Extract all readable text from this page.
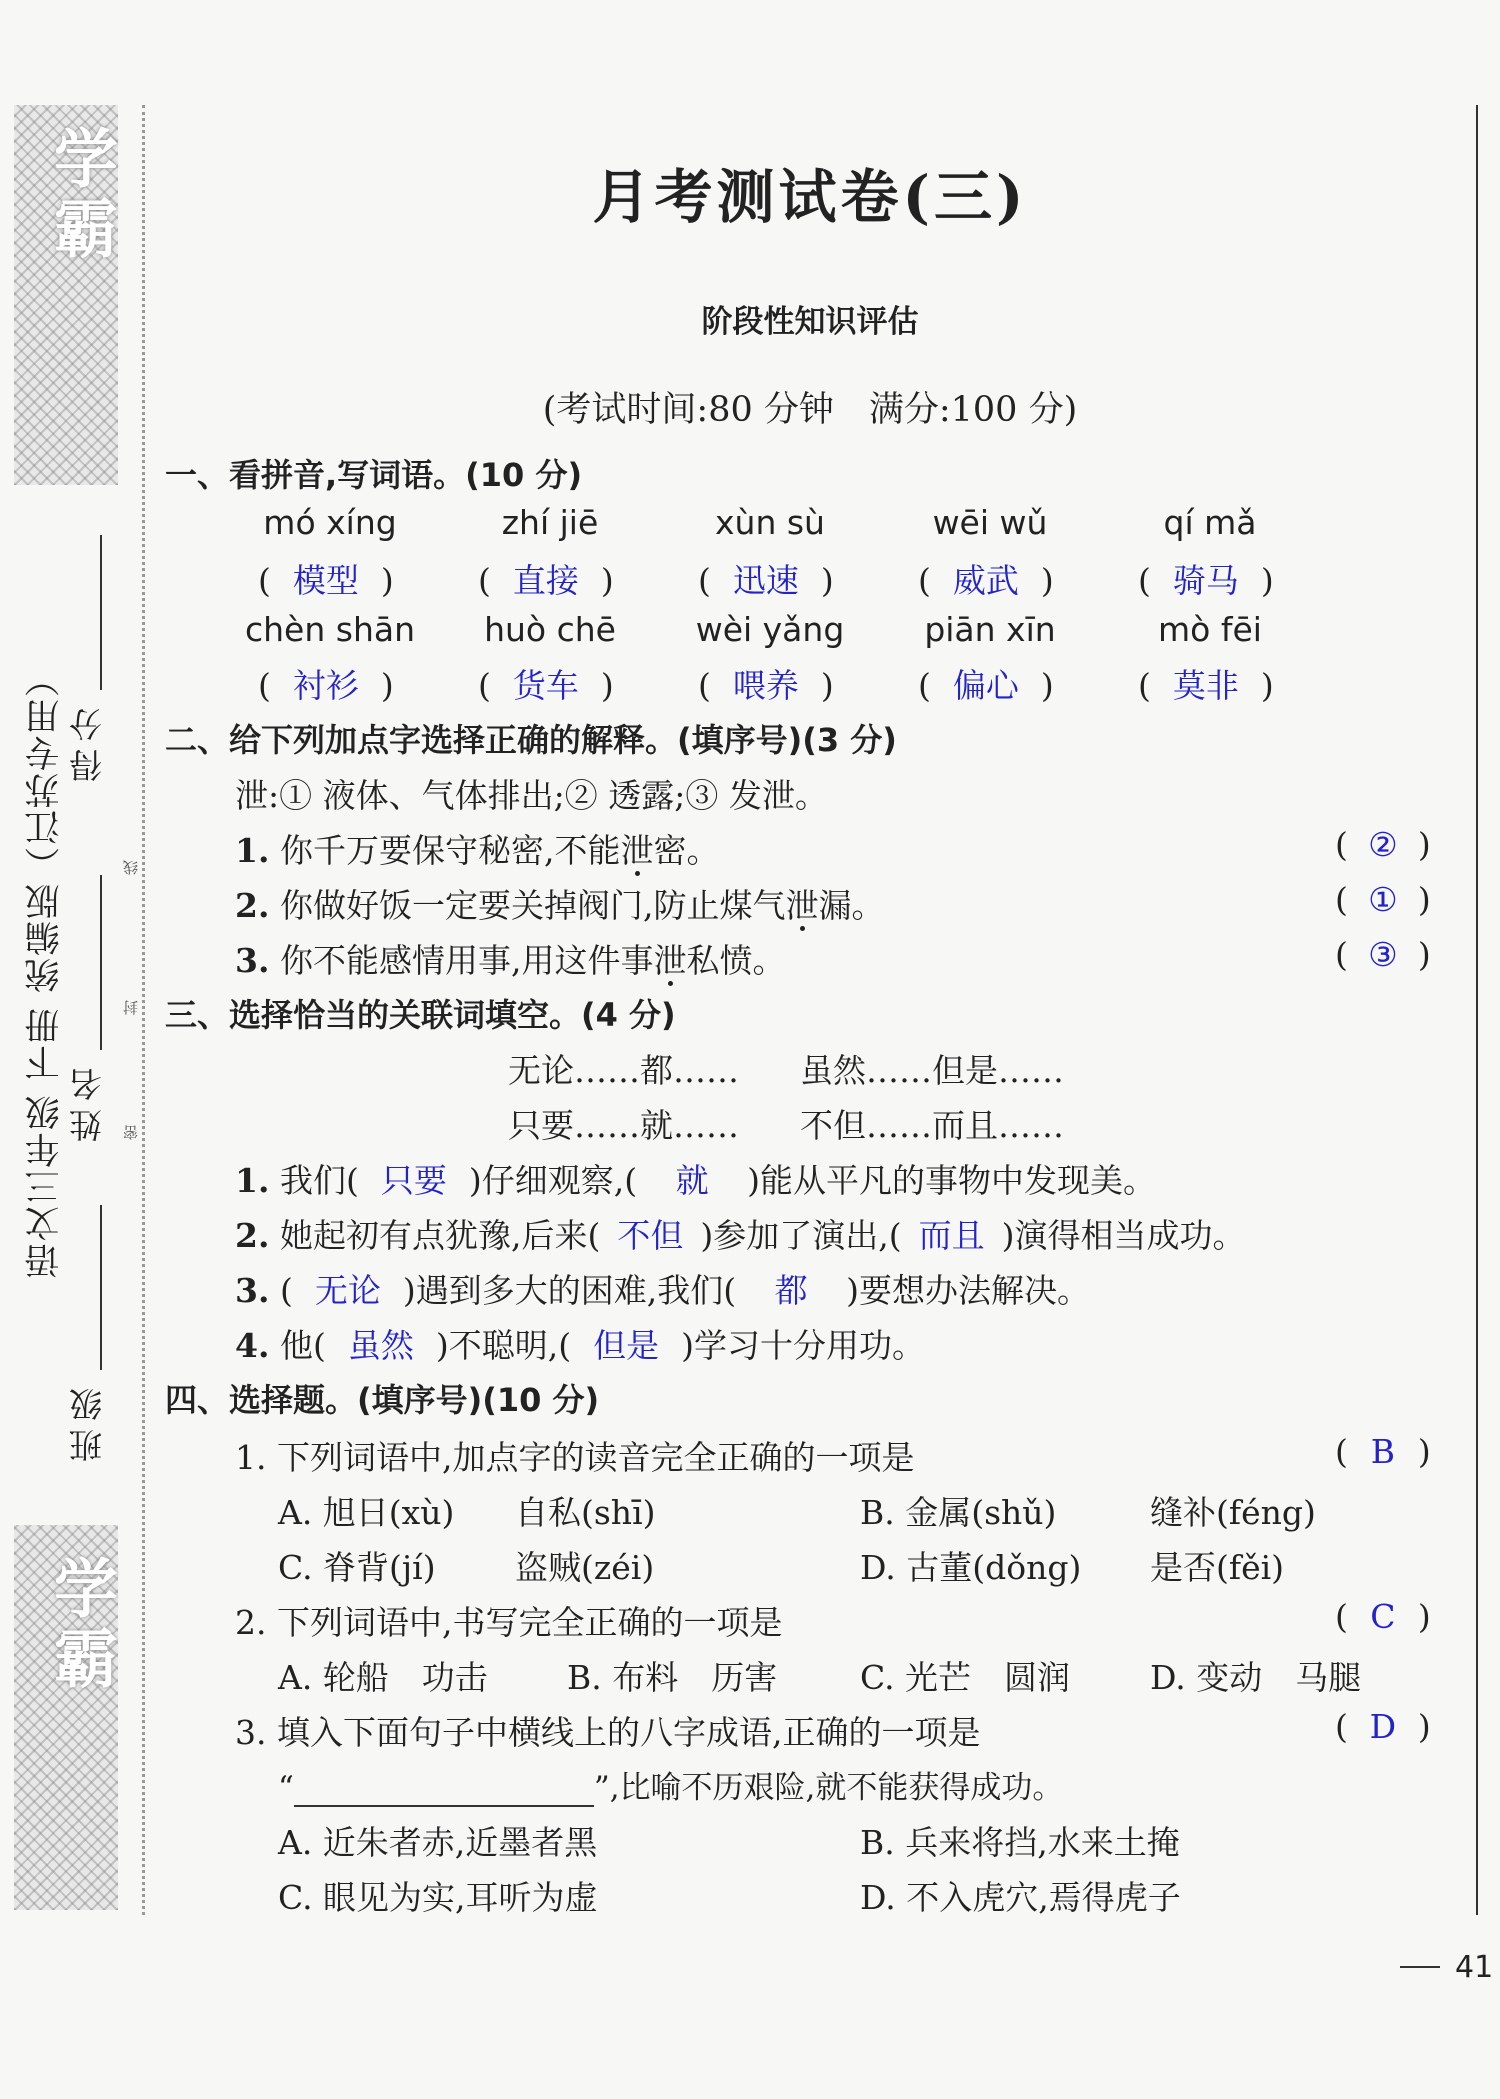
学霸
学霸
语文三年级 下册 统编版（江苏专用）
班级
姓名
得分
密
封
线
月考测试卷(三)
阶段性知识评估
(考试时间:80 分钟　满分:100 分)
一、看拼音,写词语。(10 分)
mó xíng	zhí jiē	xùn sù	wēi wǔ	qí mǎ
( 模型 )	( 直接 )	( 迅速 )	( 威武 )	( 骑马 )
chèn shān	huò chē	wèi yǎng	piān xīn	mò fēi
( 衬衫 )	( 货车 )	( 喂养 )	( 偏心 )	( 莫非 )
二、给下列加点字选择正确的解释。(填序号)(3 分)
泄:① 液体、气体排出;② 透露;③ 发泄。
1. 你千万要保守秘密,不能泄密。	( ② )
2. 你做好饭一定要关掉阀门,防止煤气泄漏。	( ① )
3. 你不能感情用事,用这件事泄私愤。	( ③ )
三、选择恰当的关联词填空。(4 分)
无论……都…… 虽然……但是……
只要……就…… 不但……而且……
1. 我们( 只要 )仔细观察,( 就 )能从平凡的事物中发现美。
2. 她起初有点犹豫,后来( 不但 )参加了演出,( 而且 )演得相当成功。
3. ( 无论 )遇到多大的困难,我们( 都 )要想办法解决。
4. 他( 虽然 )不聪明,( 但是 )学习十分用功。
四、选择题。(填序号)(10 分)
1. 下列词语中,加点字的读音完全正确的一项是	( B )
A. 旭日(xù) 自私(shī)	B. 金属(shǔ)	缝补(féng)
C. 脊背(jí) 盗贼(zéi)	D. 古董(dǒng) 是否(fěi)
2. 下列词语中,书写完全正确的一项是	( C )
A. 轮船　功击 B. 布料　历害	C. 光芒　圆润 D. 变动　马腿
3. 填入下面句子中横线上的八字成语,正确的一项是	( D )
“	”,比喻不历艰险,就不能获得成功。
A. 近朱者赤,近墨者黑	B. 兵来将挡,水来土掩
C. 眼见为实,耳听为虚	D. 不入虎穴,焉得虎子
41
